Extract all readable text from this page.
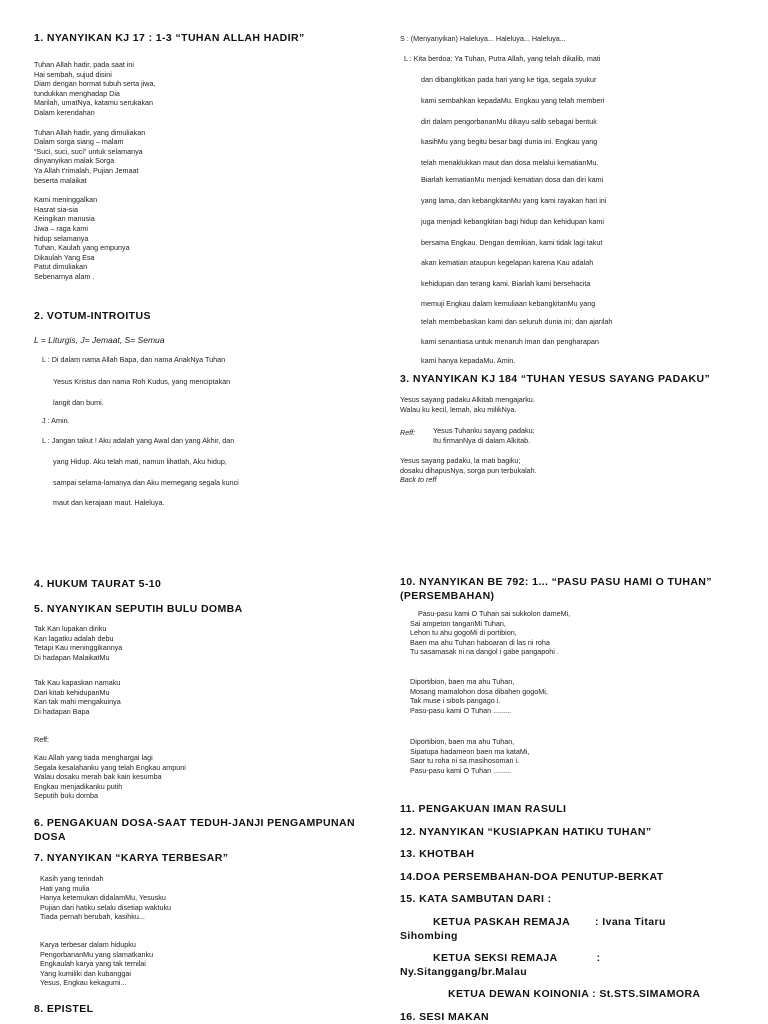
1. NYANYIKAN KJ 17 : 1-3 “TUHAN ALLAH HADIR”
Tuhan Allah hadir, pada saat ini
Hai sembah, sujud disini
Diam dengan hormat tubuh serta jiwa,
tundukkan menghadap Dia
Marilah, umatNya, katamu serukakan
Dalam kerendahan
Tuhan Allah hadir, yang dimuliakan
Dalam sorga siang – malam
“Suci, suci, suci” untuk selamanya
dinyanyikan malak Sorga
Ya Allah t’rimalah, Pujian Jemaat
beserta malaikat
Kami meninggalkan
Hasrat sia-sia
Keingikan manusia
Jiwa – raga kami
hidup selamanya
Tuhan, Kaulah yang empunya
Dikaulah Yang Esa
Patut dimuliakan
Sebenarnya alam .
2. VOTUM-INTROITUS
L = Liturgis, J= Jemaat, S= Semua
L : Di dalam nama Allah Bapa, dan nama AnakNya Tuhan
Yesus Kristus dan nama Roh Kudus, yang menciptakan
langit dan bumi.
J : Amin.
L : Jangan takut ! Aku adalah yang Awal dan yang Akhir, dan
yang Hidup. Aku telah mati, namun lihatlah, Aku hidup,
sampai selama-lamanya dan Aku memegang segala kunci
maut dan kerajaan maut. Haleluya.
S : (Menyanyikan) Haleluya... Haleluya... Haleluya...
L : Kita berdoa: Ya Tuhan, Putra Allah, yang telah dikalib, mati
dan dibangkitkan pada hari yang ke tiga, segala syukur
kami sembahkan kepadaMu. Engkau yang telah memberi
diri dalam pengorbananMu dikayu salib sebagai bentuk
kasihMu yang begitu besar bagi dunia ini. Engkau yang
telah menaklukkan maut dan dosa melalui kematianMu.
Biarlah kematianMu menjadi kematian dosa dan diri kami
yang lama, dan kebangkitanMu yang kami rayakan hari ini
juga menjadi kebangkitan bagi hidup dan kehidupan kami
bersama Engkau. Dengan demikian, kami tidak lagi takut
akan kematian ataupun kegelapan karena Kau adalah
kehidupan dan terang kami. Biarlah kami bersehacita
memuji Engkau dalam kemuliaan kebangkitanMu yang
telah membebaskan kami dan seluruh dunia ini; dan ajarilah
kami senantiasa untuk menaruh iman dan pengharapan
kami hanya kepadaMu. Amin.
3. NYANYIKAN KJ 184 “TUHAN YESUS SAYANG PADAKU”
Yesus sayang padaku Alkitab mengajarku.
Walau ku kecil, lemah, aku milikNya.
Reff: Yesus Tuhanku sayang padaku;
Itu firmanNya di dalam Alkitab.
Yesus sayang padaku, la mati bagiku;
dosaku dihapusNya, sorga pun terbukalah.
Back to reff
4. HUKUM TAURAT 5-10
5. NYANYIKAN SEPUTIH BULU DOMBA
Tak Kan lupakan diriku
Kan lagatku adalah debu
Tetapi Kau meninggikannya
Di hadapan MalaikatMu
Tak Kau kapaskan namaku
Dari kitab kehidupanMu
Kan tak mahi mengakuinya
Di hadapan Bapa
Reff:
Kau Allah yang tiada menghargai lagi
Segala kesalahanku yang telah Engkau ampuni
Walau dosaku merah bak kain kesumba
Engkau menjadikanku putih
Seputih bulu domba
6. PENGAKUAN DOSA-SAAT TEDUH-JANJI PENGAMPUNAN DOSA
7. NYANYIKAN “KARYA TERBESAR”
Kasih yang terindah
Hati yang mulia
Hanya ketemukan didalamMu, Yesusku
Pujian dari hatiku selalu disetiap waktuku
Tiada pernah berubah, kasihku...
Karya terbesar dalam hidupku
PengorbananMu yang slamatkanku
Engkaulah karya yang tak ternilai
Yang kumiliki dan kubanggai
Yesus, Engkau kekagumi...
8. EPISTEL
10. NYANYIKAN BE 792: 1... “PASU PASU HAMI O TUHAN”
(PERSEMBAHAN)
Pasu-pasu kami O Tuhan sai sukkolon dameMi,
Sai ampeton tanganMi Tuhan,
Lehon tu ahu gogoMi di portibion,
Baen ma ahu Tuhan haboaran di las ni roha
Tu sasamasak ni na dangol i gabe pangapohi .
Diportibion, baen ma ahu Tuhan,
Mosang mamalohon dosa dibahen gogoMi,
Tak muse i sibols pangago i.
Pasu-pasu kami O Tuhan .........
Diportibion, baen ma ahu Tuhan,
Sipatupa hadameon baen ma kataMi,
Saor tu roha ni sa masihosoman i.
Pasu-pasu kami O Tuhan .........
11. PENGAKUAN IMAN RASULI
12. NYANYIKAN “KUSIAPKAN HATIKU TUHAN”
13. KHOTBAH
14.DOA PERSEMBAHAN-DOA PENUTUP-BERKAT
15. KATA SAMBUTAN DARI :
KETUA PASKAH REMAJA : Ivana Titaru
Sihombing
KETUA SEKSI REMAJA	:
Ny.Sitanggang/br.Malau
KETUA DEWAN KOINONIA : St.STS.SIMAMORA
16. SESI MAKAN
